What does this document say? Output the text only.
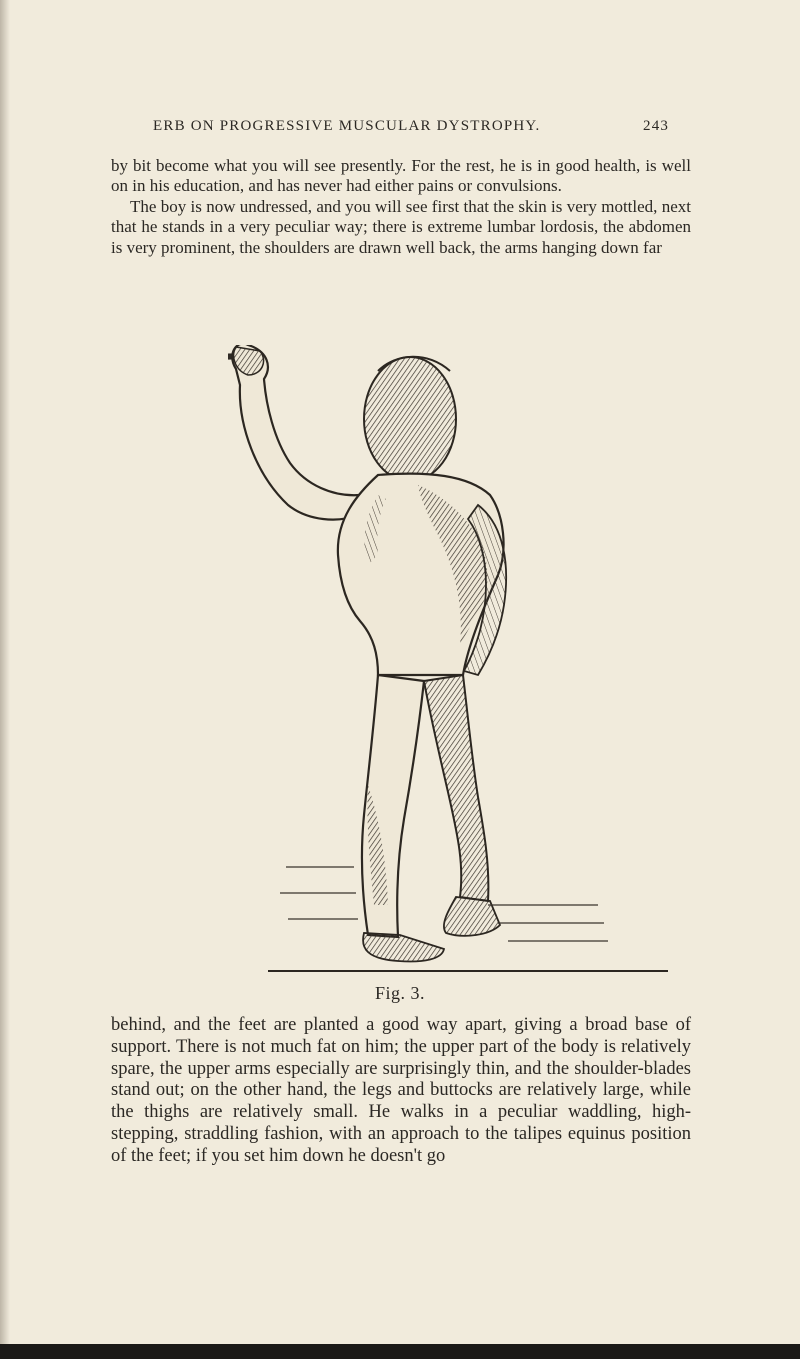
ERB ON PROGRESSIVE MUSCULAR DYSTROPHY.	243

by bit become what you will see presently. For the rest, he is in good health, is well on in his education, and has never had either pains or convulsions.

The boy is now undressed, and you will see first that the skin is very mottled, next that he stands in a very peculiar way; there is extreme lumbar lordosis, the abdomen is very prominent, the shoulders are drawn well back, the arms hanging down far

Fig. 3.

behind, and the feet are planted a good way apart, giving a broad base of support. There is not much fat on him; the upper part of the body is relatively spare, the upper arms especially are surprisingly thin, and the shoulder-blades stand out; on the other hand, the legs and buttocks are relatively large, while the thighs are relatively small. He walks in a peculiar waddling, high-stepping, straddling fashion, with an approach to the talipes equinus position of the feet; if you set him down he doesn't go
